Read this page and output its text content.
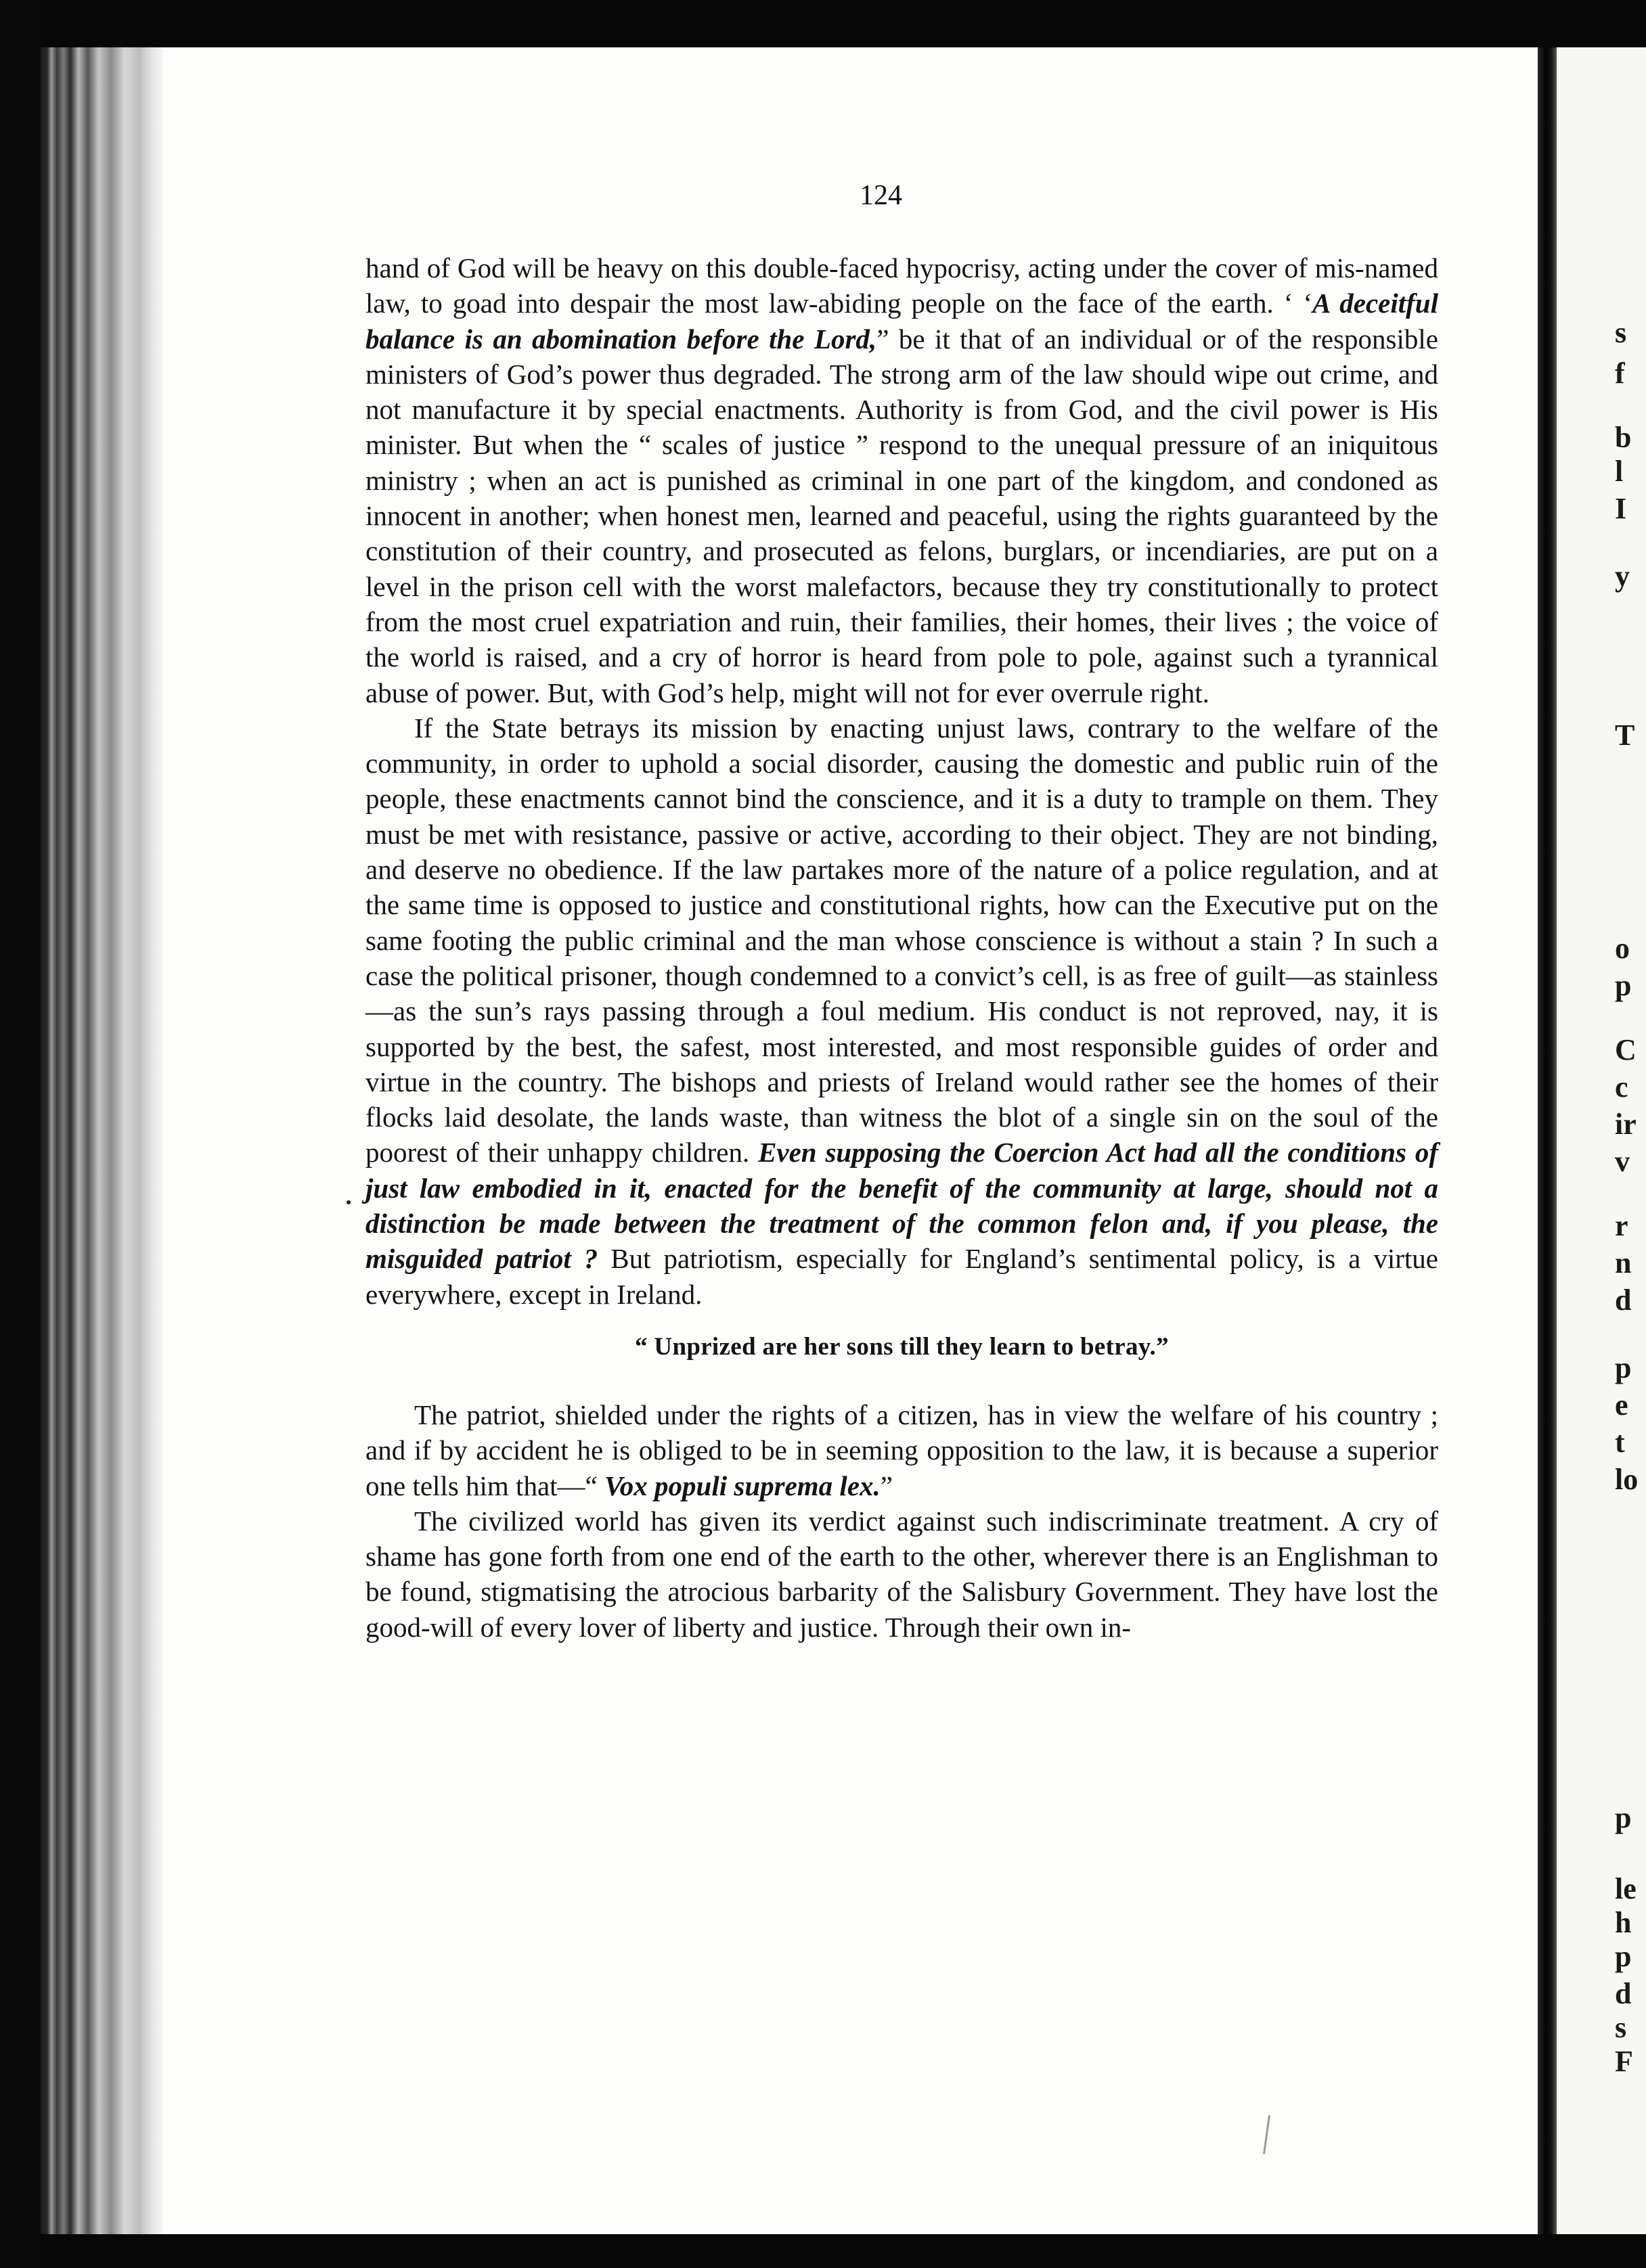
s
f
b
l
I
y
T
o
p
C
c
ir
v
r
n
d
p
e
t
lo
p
le
h
p
d
s
F
124

hand of God will be heavy on this double-faced hypocrisy, acting under the cover of mis-named law, to goad into despair the most law-abiding people on the face of the earth. ‘ ‘A deceitful balance is an abomination before the Lord,” be it that of an individual or of the responsible ministers of God’s power thus degraded. The strong arm of the law should wipe out crime, and not manufacture it by special enactments. Authority is from God, and the civil power is His minister. But when the “ scales of justice ” respond to the unequal pressure of an iniquitous ministry ; when an act is punished as criminal in one part of the kingdom, and condoned as innocent in another; when honest men, learned and peaceful, using the rights guaranteed by the constitution of their country, and prosecuted as felons, burglars, or incendiaries, are put on a level in the prison cell with the worst malefactors, because they try constitutionally to protect from the most cruel expatriation and ruin, their families, their homes, their lives ; the voice of the world is raised, and a cry of horror is heard from pole to pole, against such a tyrannical abuse of power. But, with God’s help, might will not for ever overrule right.

If the State betrays its mission by enacting unjust laws, contrary to the welfare of the community, in order to uphold a social disorder, causing the domestic and public ruin of the people, these enactments cannot bind the conscience, and it is a duty to trample on them. They must be met with resistance, passive or active, according to their object. They are not binding, and deserve no obedience. If the law partakes more of the nature of a police regulation, and at the same time is opposed to justice and constitutional rights, how can the Executive put on the same footing the public criminal and the man whose conscience is without a stain ? In such a case the political prisoner, though condemned to a convict’s cell, is as free of guilt—as stainless—as the sun’s rays passing through a foul medium. His conduct is not reproved, nay, it is supported by the best, the safest, most interested, and most responsible guides of order and virtue in the country. The bishops and priests of Ireland would rather see the homes of their flocks laid desolate, the lands waste, than witness the blot of a single sin on the soul of the poorest of their unhappy children. Even supposing the Coercion Act had all the conditions of just law embodied in it, enacted for the benefit of the community at large, should not a distinction be made between the treatment of the common felon and, if you please, the misguided patriot ? But patriotism, especially for England’s sentimental policy, is a virtue everywhere, except in Ireland.

“ Unprized are her sons till they learn to betray.”

The patriot, shielded under the rights of a citizen, has in view the welfare of his country ; and if by accident he is obliged to be in seeming opposition to the law, it is because a superior one tells him that—“ Vox populi suprema lex.”

The civilized world has given its verdict against such indiscriminate treatment. A cry of shame has gone forth from one end of the earth to the other, wherever there is an Englishman to be found, stigmatising the atrocious barbarity of the Salisbury Government. They have lost the good-will of every lover of liberty and justice. Through their own in-
